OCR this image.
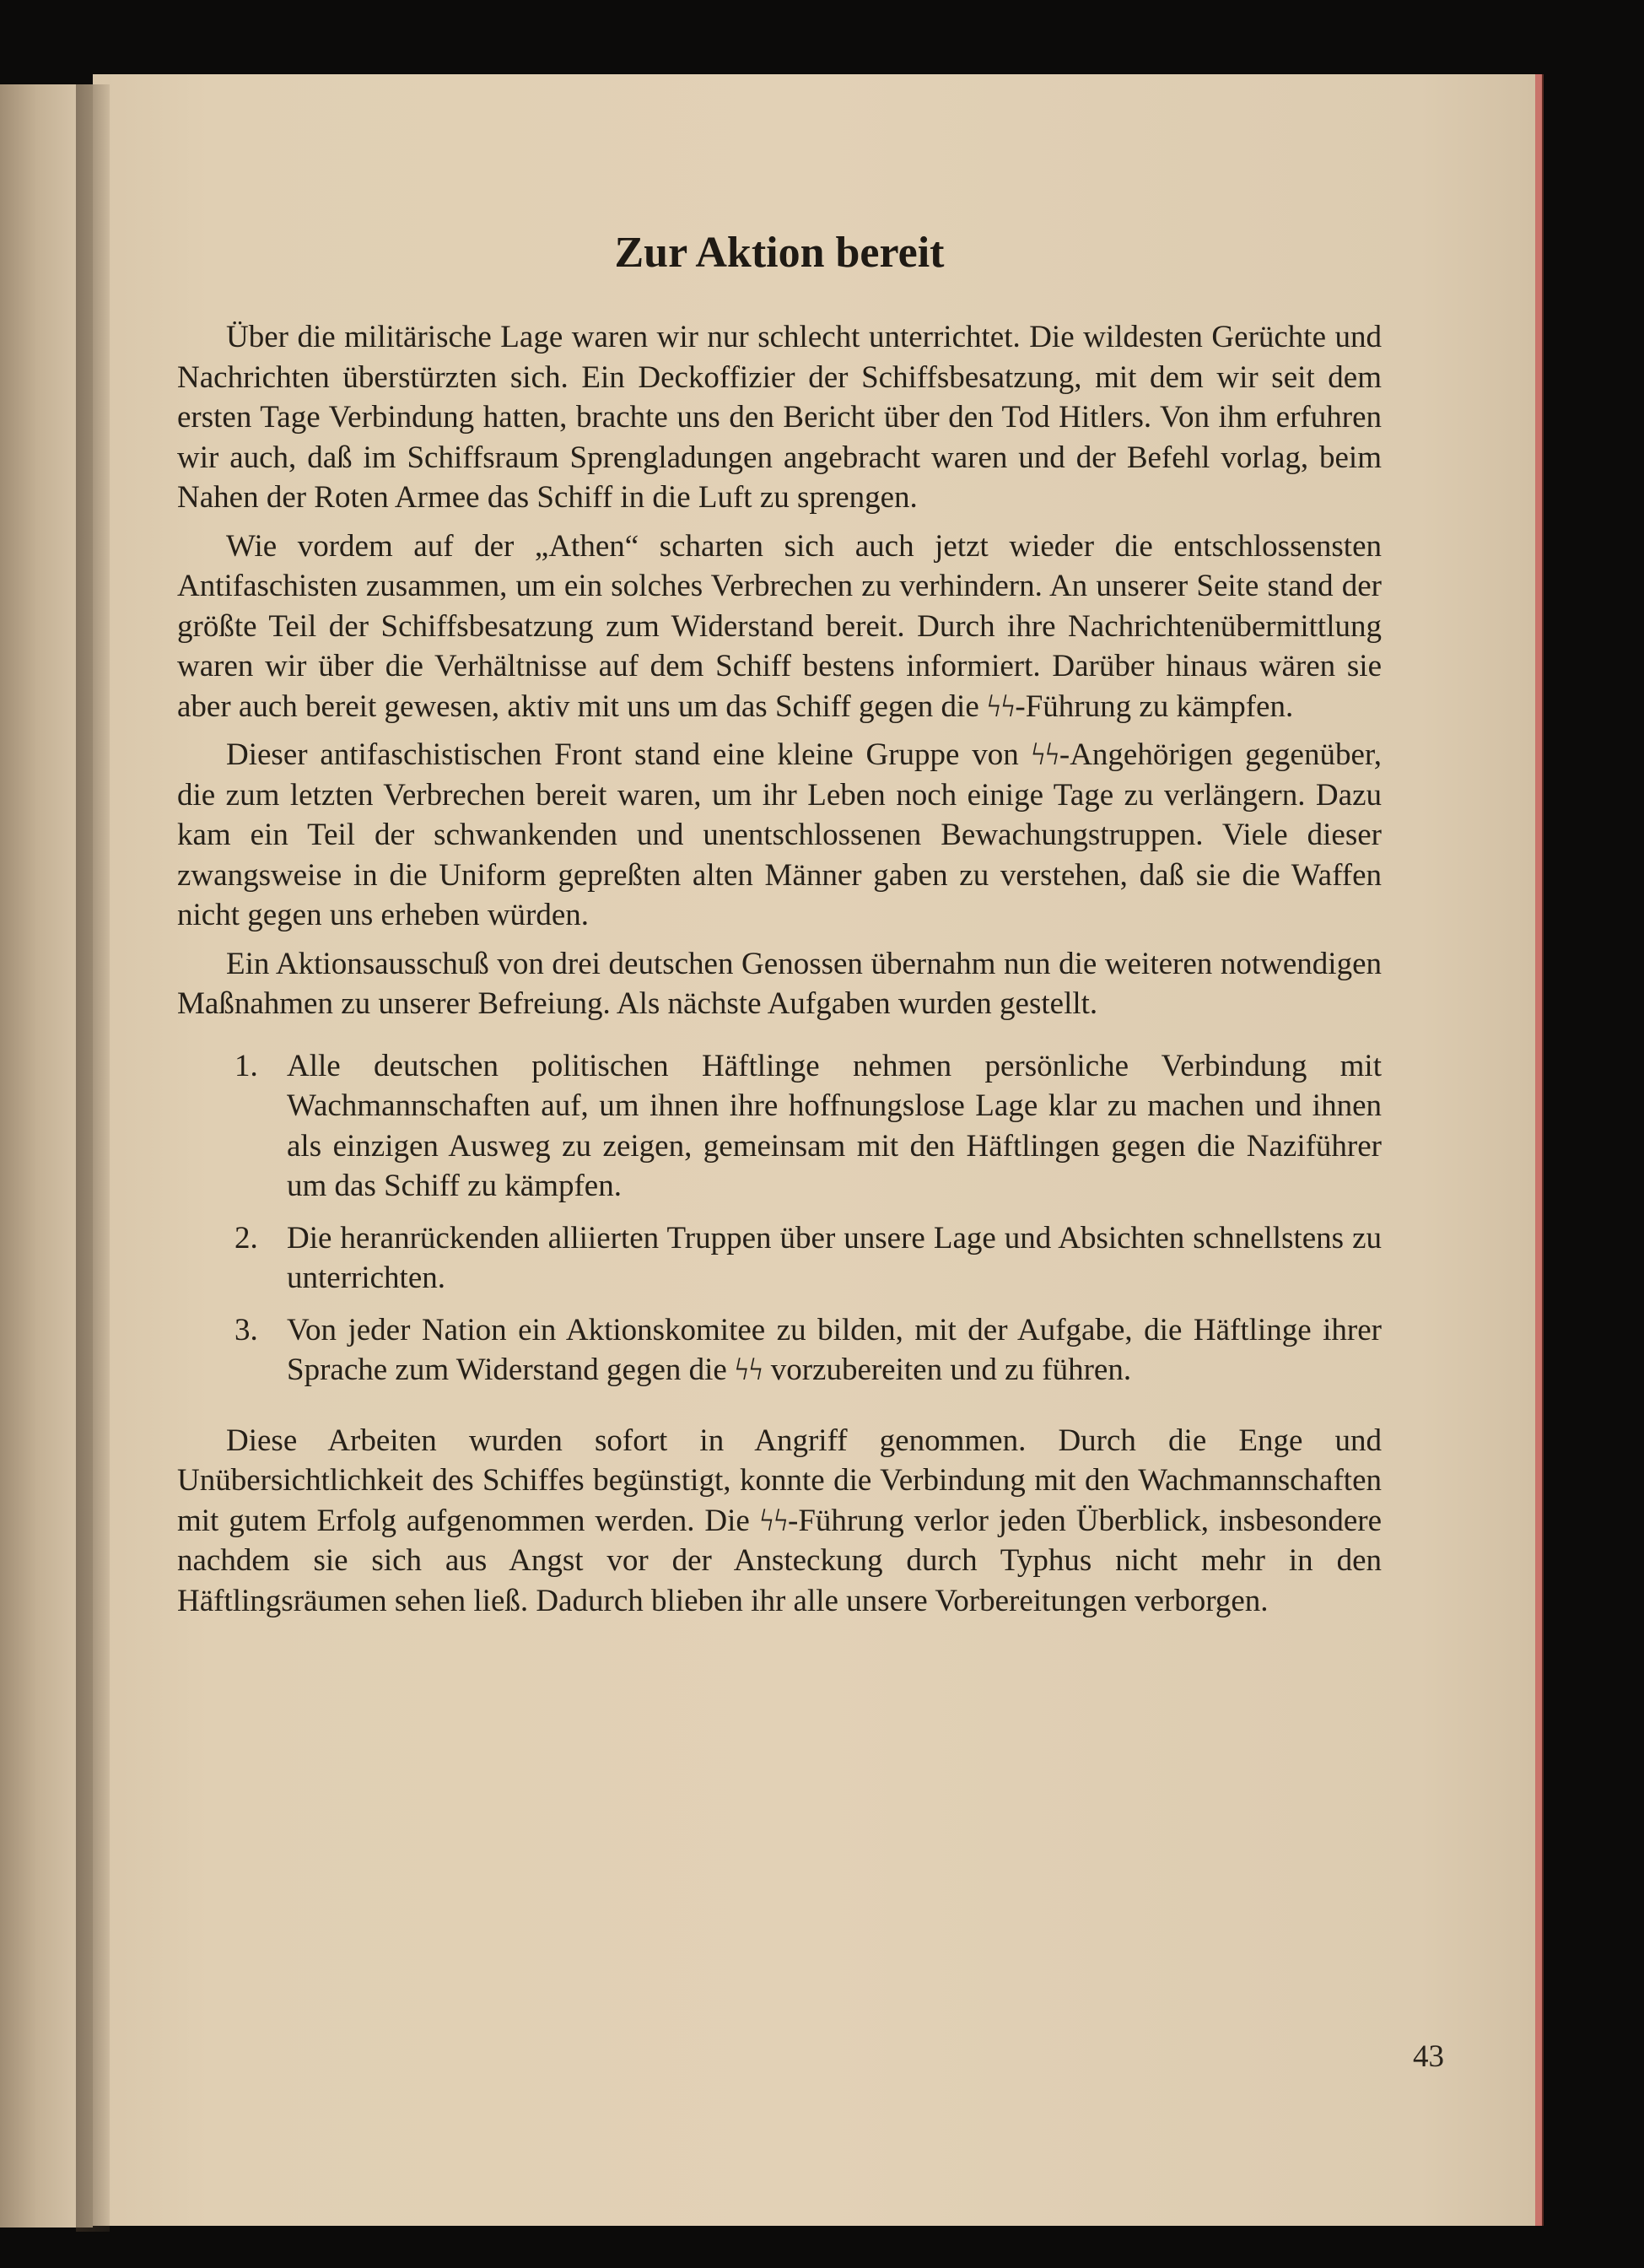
Zur Aktion bereit

Über die militärische Lage waren wir nur schlecht unterrichtet. Die wildesten Gerüchte und Nachrichten überstürzten sich. Ein Deckoffizier der Schiffsbesatzung, mit dem wir seit dem ersten Tage Verbindung hatten, brachte uns den Bericht über den Tod Hitlers. Von ihm erfuhren wir auch, daß im Schiffsraum Sprengladungen angebracht waren und der Befehl vorlag, beim Nahen der Roten Armee das Schiff in die Luft zu sprengen.

Wie vordem auf der „Athen“ scharten sich auch jetzt wieder die entschlossensten Antifaschisten zusammen, um ein solches Verbrechen zu verhindern. An unserer Seite stand der größte Teil der Schiffsbesatzung zum Widerstand bereit. Durch ihre Nachrichtenübermittlung waren wir über die Verhältnisse auf dem Schiff bestens informiert. Darüber hinaus wären sie aber auch bereit gewesen, aktiv mit uns um das Schiff gegen die ϟϟ-Führung zu kämpfen.

Dieser antifaschistischen Front stand eine kleine Gruppe von ϟϟ-Angehörigen gegenüber, die zum letzten Verbrechen bereit waren, um ihr Leben noch einige Tage zu verlängern. Dazu kam ein Teil der schwankenden und unentschlossenen Bewachungstruppen. Viele dieser zwangsweise in die Uniform gepreßten alten Männer gaben zu verstehen, daß sie die Waffen nicht gegen uns erheben würden.

Ein Aktionsausschuß von drei deutschen Genossen übernahm nun die weiteren notwendigen Maßnahmen zu unserer Befreiung. Als nächste Aufgaben wurden gestellt.

1. Alle deutschen politischen Häftlinge nehmen persönliche Verbindung mit Wachmannschaften auf, um ihnen ihre hoffnungslose Lage klar zu machen und ihnen als einzigen Ausweg zu zeigen, gemeinsam mit den Häftlingen gegen die Naziführer um das Schiff zu kämpfen.
2. Die heranrückenden alliierten Truppen über unsere Lage und Absichten schnellstens zu unterrichten.
3. Von jeder Nation ein Aktionskomitee zu bilden, mit der Aufgabe, die Häftlinge ihrer Sprache zum Widerstand gegen die ϟϟ vorzubereiten und zu führen.

Diese Arbeiten wurden sofort in Angriff genommen. Durch die Enge und Unübersichtlichkeit des Schiffes begünstigt, konnte die Verbindung mit den Wachmannschaften mit gutem Erfolg aufgenommen werden. Die ϟϟ-Führung verlor jeden Überblick, insbesondere nachdem sie sich aus Angst vor der Ansteckung durch Typhus nicht mehr in den Häftlingsräumen sehen ließ. Dadurch blieben ihr alle unsere Vorbereitungen verborgen.

43
